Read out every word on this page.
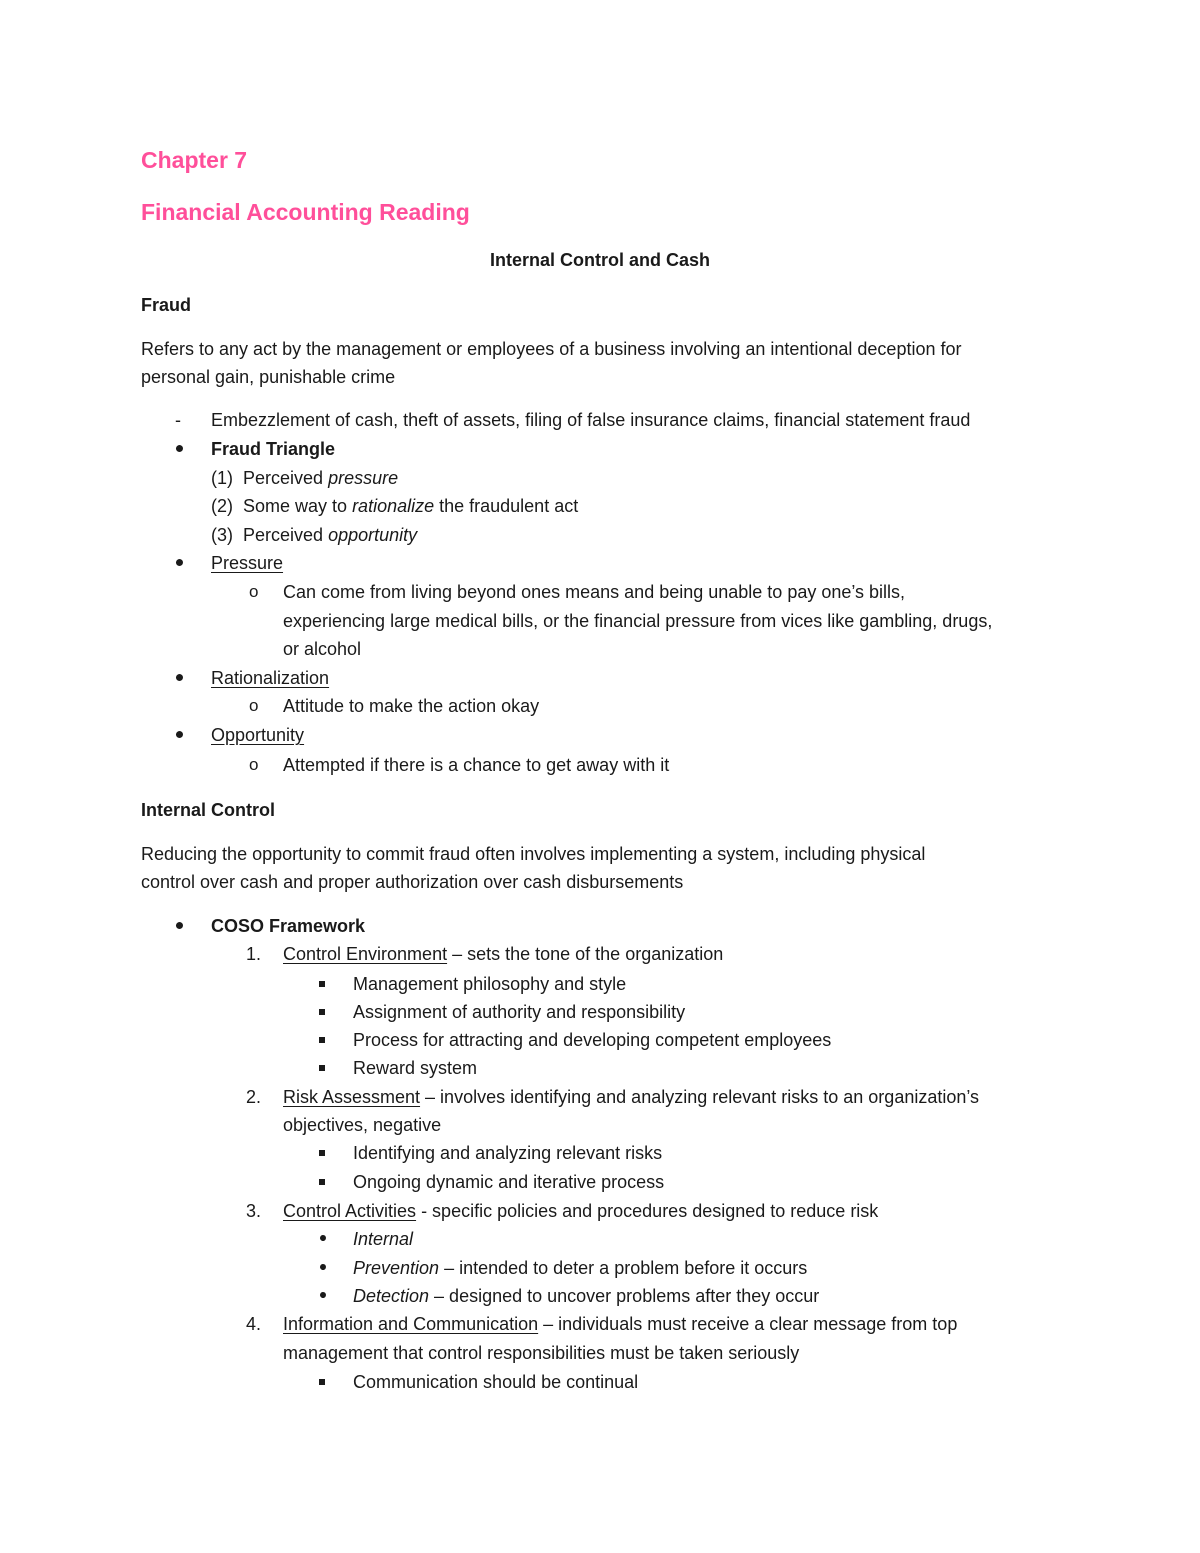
Chapter 7
Financial Accounting Reading
Internal Control and Cash
Fraud
Refers to any act by the management or employees of a business involving an intentional deception for
personal gain, punishable crime
- Embezzlement of cash, theft of assets, filing of false insurance claims, financial statement fraud
Fraud Triangle
(1) Perceived pressure
(2) Some way to rationalize the fraudulent act
(3) Perceived opportunity
Pressure
o Can come from living beyond ones means and being unable to pay one’s bills,
experiencing large medical bills, or the financial pressure from vices like gambling, drugs,
or alcohol
Rationalization
o Attitude to make the action okay
Opportunity
o Attempted if there is a chance to get away with it
Internal Control
Reducing the opportunity to commit fraud often involves implementing a system, including physical
control over cash and proper authorization over cash disbursements
COSO Framework
1. Control Environment – sets the tone of the organization
Management philosophy and style
Assignment of authority and responsibility
Process for attracting and developing competent employees
Reward system
2. Risk Assessment – involves identifying and analyzing relevant risks to an organization’s
objectives, negative
Identifying and analyzing relevant risks
Ongoing dynamic and iterative process
3. Control Activities - specific policies and procedures designed to reduce risk
Internal
Prevention – intended to deter a problem before it occurs
Detection – designed to uncover problems after they occur
4. Information and Communication – individuals must receive a clear message from top
management that control responsibilities must be taken seriously
Communication should be continual
